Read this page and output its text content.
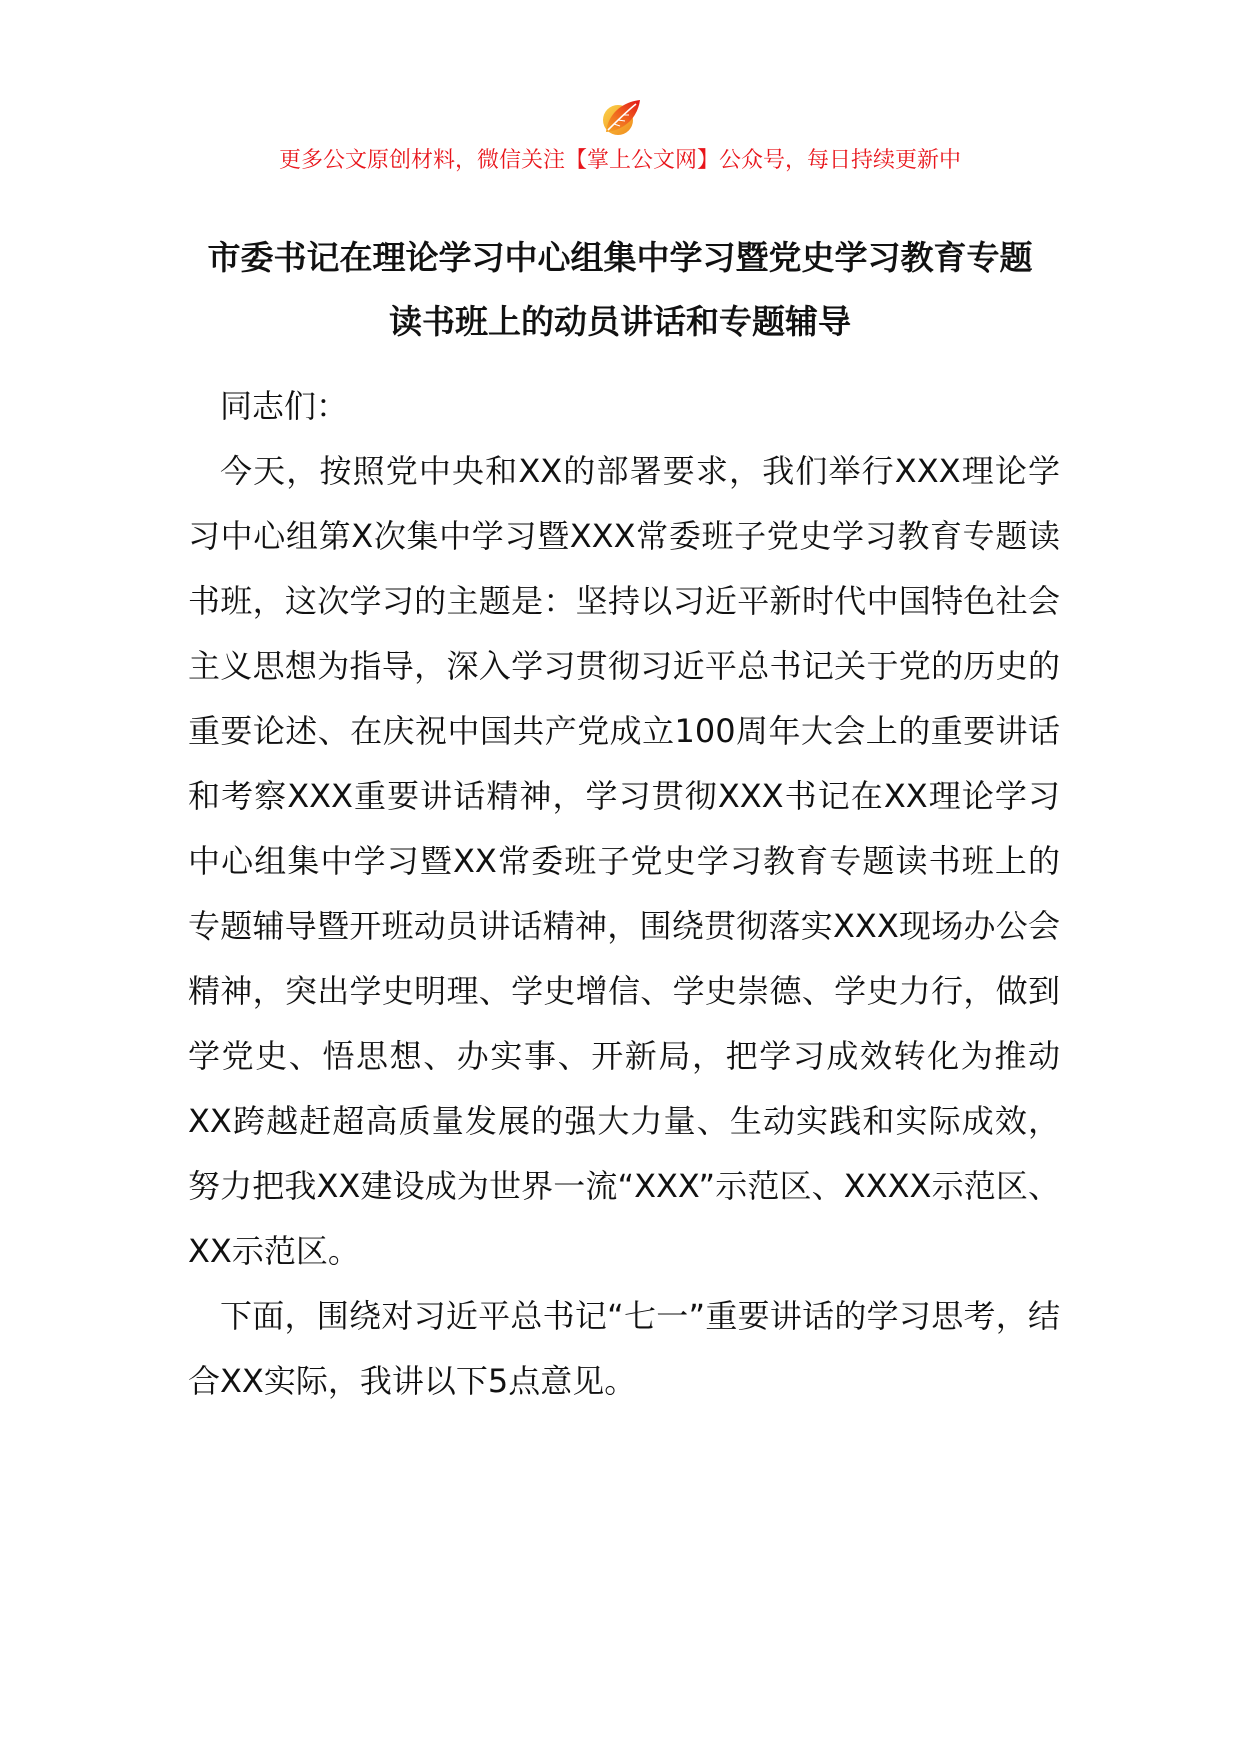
更多公文原创材料，微信关注【掌上公文网】公众号，每日持续更新中
市委书记在理论学习中心组集中学习暨党史学习教育专题
读书班上的动员讲话和专题辅导

同志们：

今天，按照党中央和XX的部署要求，我们举行XXX理论学习中心组第X次集中学习暨XXX常委班子党史学习教育专题读书班，这次学习的主题是：坚持以习近平新时代中国特色社会主义思想为指导，深入学习贯彻习近平总书记关于党的历史的重要论述、在庆祝中国共产党成立100周年大会上的重要讲话和考察XXX重要讲话精神，学习贯彻XXX书记在XX理论学习中心组集中学习暨XX常委班子党史学习教育专题读书班上的专题辅导暨开班动员讲话精神，围绕贯彻落实XXX现场办公会精神，突出学史明理、学史增信、学史崇德、学史力行，做到学党史、悟思想、办实事、开新局，把学习成效转化为推动XX跨越赶超高质量发展的强大力量、生动实践和实际成效，努力把我XX建设成为世界一流“XXX”示范区、XXXX示范区、XX示范区。

下面，围绕对习近平总书记“七一”重要讲话的学习思考，结合XX实际，我讲以下5点意见。
